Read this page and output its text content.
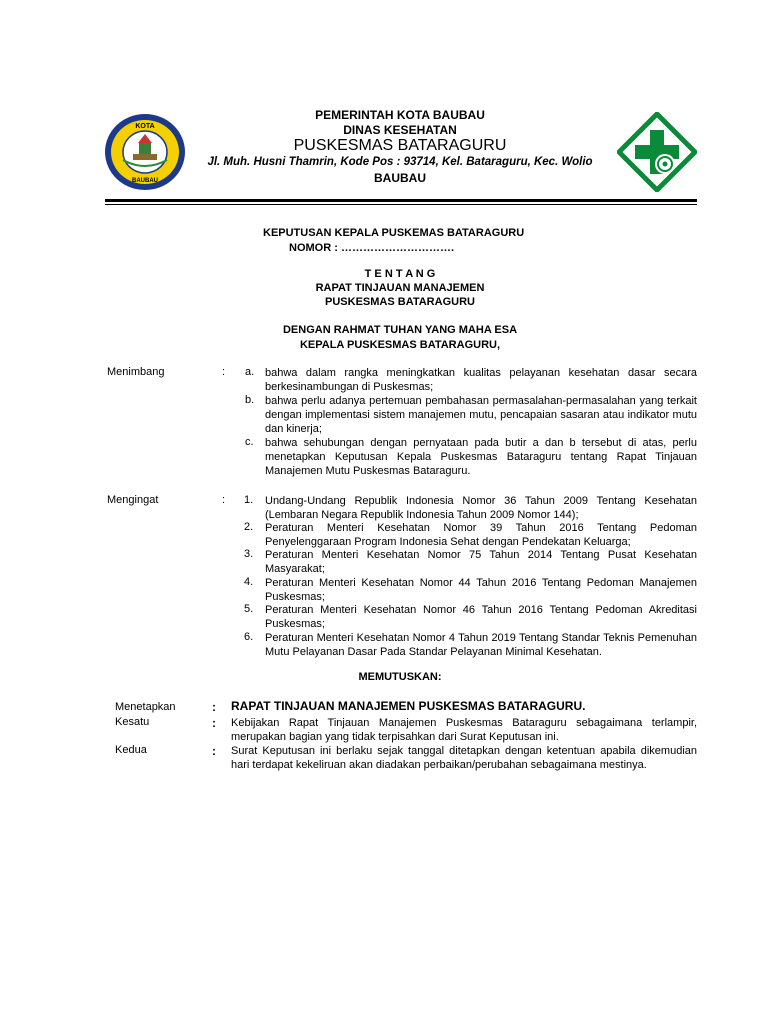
KOTA
BAUBAU
PEMERINTAH KOTA BAUBAU
DINAS KESEHATAN
PUSKESMAS BATARAGURU
Jl. Muh. Husni Thamrin, Kode Pos : 93714, Kel. Bataraguru, Kec. Wolio
BAUBAU
KEPUTUSAN KEPALA PUSKEMAS BATARAGURU
NOMOR : ………………………….
T E N T A N G
RAPAT TINJAUAN MANAJEMEN
PUSKESMAS BATARAGURU
DENGAN RAHMAT TUHAN YANG MAHA ESA
KEPALA PUSKESMAS BATARAGURU,
Menimbang	: a. bahwa dalam rangka meningkatkan kualitas pelayanan kesehatan dasar secara berkesinambungan di Puskesmas;
b. bahwa perlu adanya pertemuan pembahasan permasalahan-permasalahan yang terkait dengan implementasi sistem manajemen mutu, pencapaian sasaran atau indikator mutu dan kinerja;
c. bahwa sehubungan dengan pernyataan pada butir a dan b tersebut di atas, perlu menetapkan Keputusan Kepala Puskesmas Bataraguru tentang Rapat Tinjauan Manajemen Mutu Puskesmas Bataraguru.
Mengingat	: 1. Undang-Undang Republik Indonesia Nomor 36 Tahun 2009 Tentang Kesehatan (Lembaran Negara Republik Indonesia Tahun 2009 Nomor 144);
2. Peraturan Menteri Kesehatan Nomor 39 Tahun 2016 Tentang Pedoman Penyelenggaraan Program Indonesia Sehat dengan Pendekatan Keluarga;
3. Peraturan Menteri Kesehatan Nomor 75 Tahun 2014 Tentang Pusat Kesehatan Masyarakat;
4. Peraturan Menteri Kesehatan Nomor 44 Tahun 2016 Tentang Pedoman Manajemen Puskesmas;
5. Peraturan Menteri Kesehatan Nomor 46 Tahun 2016 Tentang Pedoman Akreditasi Puskesmas;
6. Peraturan Menteri Kesehatan Nomor 4 Tahun 2019 Tentang Standar Teknis Pemenuhan Mutu Pelayanan Dasar Pada Standar Pelayanan Minimal Kesehatan.
MEMUTUSKAN:
Menetapkan	: RAPAT TINJAUAN MANAJEMEN PUSKESMAS BATARAGURU.
Kesatu	: Kebijakan Rapat Tinjauan Manajemen Puskesmas Bataraguru sebagaimana terlampir, merupakan bagian yang tidak terpisahkan dari Surat Keputusan ini.
Kedua	: Surat Keputusan ini berlaku sejak tanggal ditetapkan dengan ketentuan apabila dikemudian hari terdapat kekeliruan akan diadakan perbaikan/perubahan sebagaimana mestinya.
